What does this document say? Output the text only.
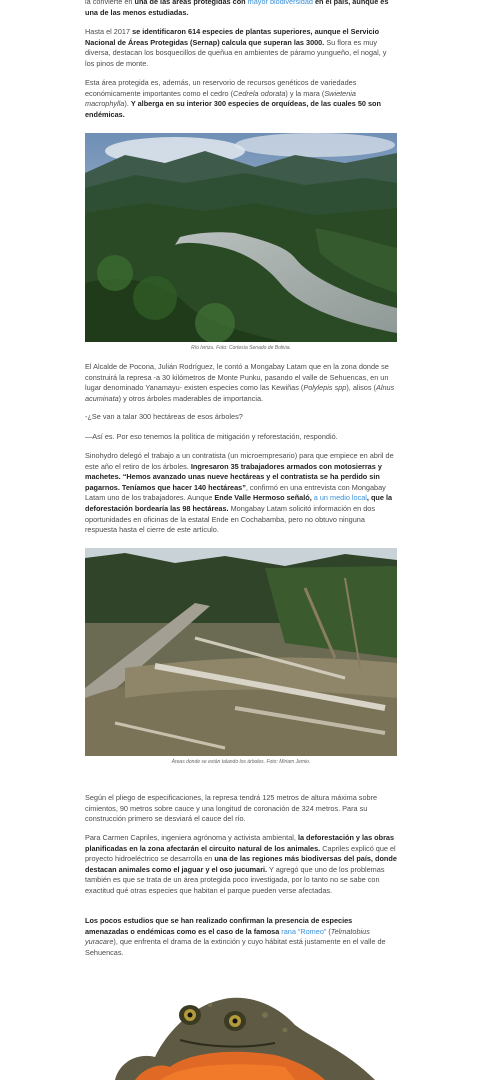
la convierte en una de las áreas protegidas con mayor biodiversidad en el país, aunque es una de las menos estudiadas.

Hasta el 2017 se identificaron 614 especies de plantas superiores, aunque el Servicio Nacional de Áreas Protegidas (Sernap) calcula que superan las 3000. Su flora es muy diversa, destacan los bosquecillos de queñua en ambientes de páramo yungueño, el nogal, y los pinos de monte.

Esta área protegida es, además, un reservorio de recursos genéticos de variedades económicamente importantes como el cedro (Cedrela odorata) y la mara (Swietenia macrophylla). Y alberga en su interior 300 especies de orquídeas, de las cuales 50 son endémicas.

Río Ivirizu. Foto: Cortesía Senado de Bolivia.

El Alcalde de Pocona, Julián Rodríguez, le contó a Mongabay Latam que en la zona donde se construirá la represa -a 30 kilómetros de Monte Punku, pasando el valle de Sehuencas, en un lugar denominado Yanamayu- existen especies como las Kewiñas (Polylepis spp), alisos (Alnus acuminata) y otros árboles maderables de importancia.

-¿Se van a talar 300 hectáreas de esos árboles?

—Así es. Por eso tenemos la política de mitigación y reforestación, respondió.

Sinohydro delegó el trabajo a un contratista (un microempresario) para que empiece en abril de este año el retiro de los árboles. Ingresaron 35 trabajadores armados con motosierras y machetes. “Hemos avanzado unas nueve hectáreas y el contratista se ha perdido sin pagarnos. Teníamos que hacer 140 hectáreas”, confirmó en una entrevista con Mongabay Latam uno de los trabajadores. Aunque Ende Valle Hermoso señaló, a un medio local, que la deforestación bordearía las 98 hectáreas. Mongabay Latam solicitó información en dos oportunidades en oficinas de la estatal Ende en Cochabamba, pero no obtuvo ninguna respuesta hasta el cierre de este artículo.

Áreas donde se están talando los árboles. Foto: Miriam Jemio.

Según el pliego de especificaciones, la represa tendrá 125 metros de altura máxima sobre cimientos, 90 metros sobre cauce y una longitud de coronación de 324 metros. Para su construcción primero se desviará el cauce del río.

Para Carmen Capriles, ingeniera agrónoma y activista ambiental, la deforestación y las obras planificadas en la zona afectarán el circuito natural de los animales. Capriles explicó que el proyecto hidroeléctrico se desarrolla en una de las regiones más biodiversas del país, donde destacan animales como el jaguar y el oso jucumari. Y agregó que uno de los problemas también es que se trata de un área protegida poco investigada, por lo tanto no se sabe con exactitud qué otras especies que habitan el parque pueden verse afectadas.

Los pocos estudios que se han realizado confirman la presencia de especies amenazadas o endémicas como es el caso de la famosa rana “Romeo” (Telmatobius yuracare), que enfrenta el drama de la extinción y cuyo hábitat está justamente en el valle de Sehuencas.
